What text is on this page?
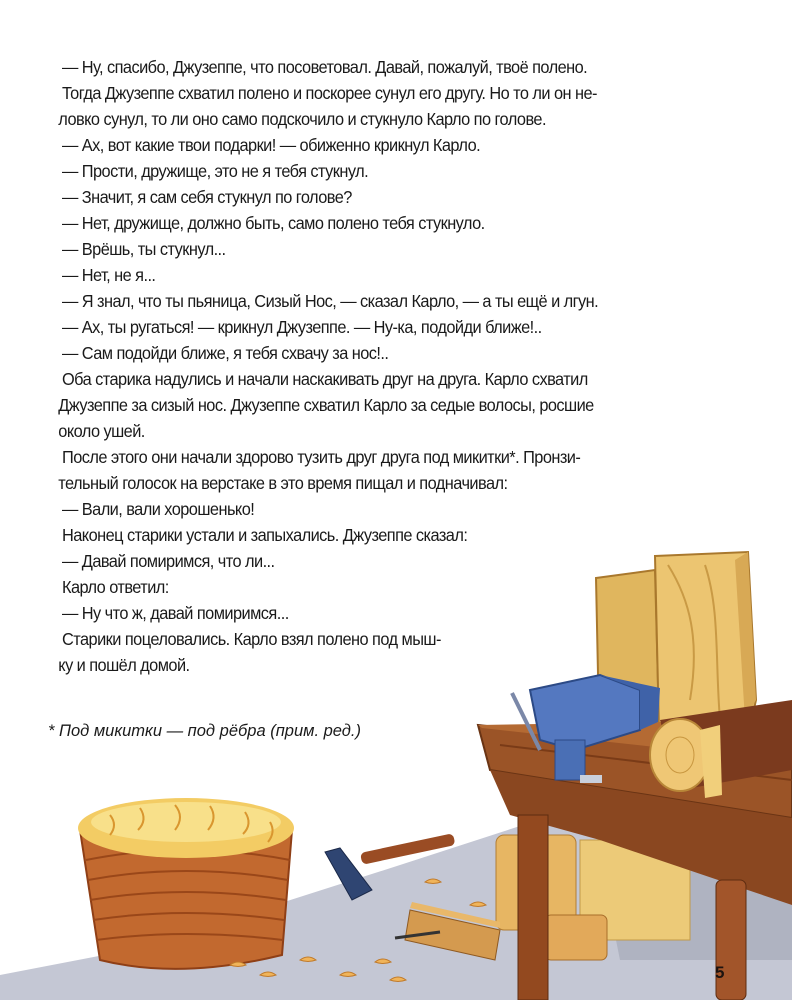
— Ну, спасибо, Джузеппе, что посоветовал. Давай, пожалуй, твоё полено.
Тогда Джузеппе схватил полено и поскорее сунул его другу. Но то ли он не-
ловко сунул, то ли оно само подскочило и стукнуло Карло по голове.
— Ах, вот какие твои подарки! — обиженно крикнул Карло.
— Прости, дружище, это не я тебя стукнул.
— Значит, я сам себя стукнул по голове?
— Нет, дружище, должно быть, само полено тебя стукнуло.
— Врёшь, ты стукнул...
— Нет, не я...
— Я знал, что ты пьяница, Сизый Нос, — сказал Карло, — а ты ещё и лгун.
— Ах, ты ругаться! — крикнул Джузеппе. — Ну-ка, подойди ближе!..
— Сам подойди ближе, я тебя схвачу за нос!..
Оба старика надулись и начали наскакивать друг на друга. Карло схватил
Джузеппе за сизый нос. Джузеппе схватил Карло за седые волосы, росшие
около ушей.
После этого они начали здорово тузить друг друга под микитки*. Пронзи-
тельный голосок на верстаке в это время пищал и подначивал:
— Вали, вали хорошенько!
Наконец старики устали и запыхались. Джузеппе сказал:
— Давай помиримся, что ли...
Карло ответил:
— Ну что ж, давай помиримся...
Старики поцеловались. Карло взял полено под мыш-
ку и пошёл домой.
* Под микитки — под рёбра (прим. ред.)
5
